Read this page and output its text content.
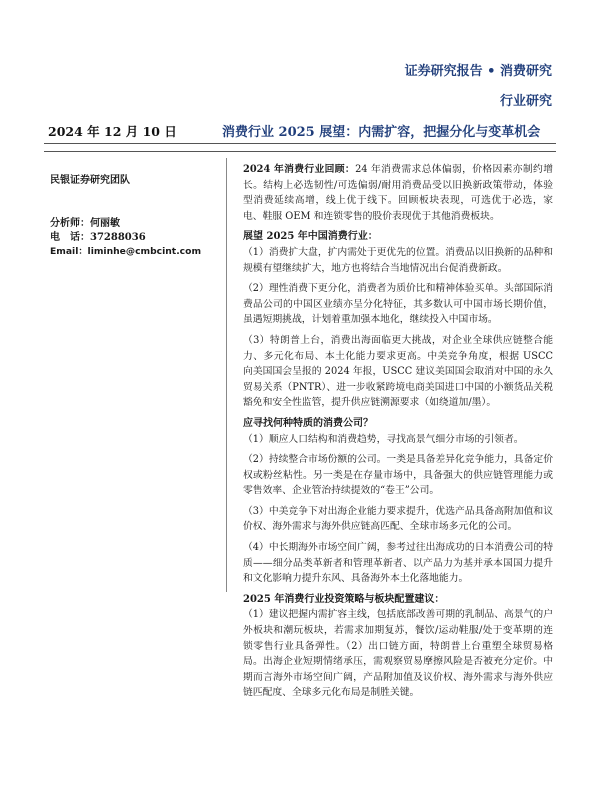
证券研究报告 • 消费研究
行业研究
2024 年 12 月 10 日	消费行业 2025 展望：内需扩容，把握分化与变革机会
民银证券研究团队
分析师：何丽敏
电　话：37288036
Email：liminhe@cmbcint.com

2024 年消费行业回顾：24 年消费需求总体偏弱，价格因素亦制约增长。结构上必选韧性/可选偏弱/耐用消费品受以旧换新政策带动，体验型消费延续高增，线上优于线下。回顾板块表现，可选优于必选，家电、鞋服 OEM 和连锁零售的股价表现优于其他消费板块。

展望 2025 年中国消费行业：

（1）消费扩大盘，扩内需处于更优先的位置。消费品以旧换新的品种和规模有望继续扩大，地方也将结合当地情况出台促消费新政。

（2）理性消费下更分化，消费者为质价比和精神体验买单。头部国际消费品公司的中国区业绩亦呈分化特征，其多数认可中国市场长期价值，虽遇短期挑战，计划着重加强本地化，继续投入中国市场。

（3）特朗普上台，消费出海面临更大挑战，对企业全球供应链整合能力、多元化布局、本土化能力要求更高。中美竞争角度，根据 USCC 向美国国会呈报的 2024 年报，USCC 建议美国国会取消对中国的永久贸易关系（PNTR）、进一步收紧跨境电商美国进口中国的小额货品关税豁免和安全性监管，提升供应链溯源要求（如绕道加/墨）。

应寻找何种特质的消费公司？

（1）顺应人口结构和消费趋势，寻找高景气细分市场的引领者。

（2）持续整合市场份额的公司。一类是具备差异化竞争能力，具备定价权或粉丝粘性。另一类是在存量市场中，具备强大的供应链管理能力或零售效率、企业管治持续提效的“卷王”公司。

（3）中美竞争下对出海企业能力要求提升，优选产品具备高附加值和议价权、海外需求与海外供应链高匹配、全球市场多元化的公司。

（4）中长期海外市场空间广阔，参考过往出海成功的日本消费公司的特质——细分品类革新者和管理革新者、以产品力为基并承本国国力提升和文化影响力提升东风、具备海外本土化落地能力。

2025 年消费行业投资策略与板块配置建议：

（1）建议把握内需扩容主线，包括底部改善可期的乳制品、高景气的户外板块和潮玩板块，若需求加期复苏，餐饮/运动鞋服/处于变革期的连锁零售行业具备弹性。（2）出口链方面，特朗普上台重塑全球贸易格局。出海企业短期情绪承压，需观察贸易摩擦风险是否被充分定价。中期而言海外市场空间广阔，产品附加值及议价权、海外需求与海外供应链匹配度、全球多元化布局是制胜关键。
